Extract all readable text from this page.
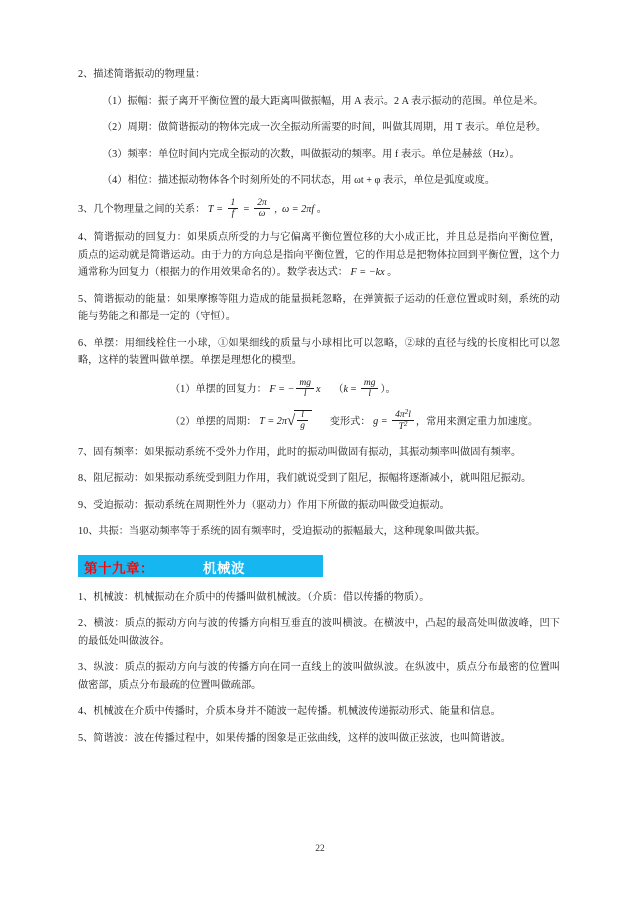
2、描述简谐振动的物理量：

（1）振幅：振子离开平衡位置的最大距离叫做振幅，用 A 表示。2 A 表示振动的范围。单位是米。

（2）周期：做简谐振动的物体完成一次全振动所需要的时间，叫做其周期，用 T 表示。单位是秒。

（3）频率：单位时间内完成全振动的次数，叫做振动的频率。用 f 表示。单位是赫兹（Hz）。

（4）相位：描述振动物体各个时刻所处的不同状态，用 ωt + φ 表示，单位是弧度或度。

3、几个物理量之间的关系： $T = \frac{1}{f} = \frac{2\pi}{\omega}$ ,  ω = 2πf 。

4、简谐振动的回复力：如果质点所受的力与它偏离平衡位置位移的大小成正比，并且总是指向平衡位置，质点的运动就是简谐运动。由于力的方向总是指向平衡位置，它的作用总是把物体拉回到平衡位置，这个力通常称为回复力（根据力的作用效果命名的）。数学表达式： F = −kx 。

5、简谐振动的能量：如果摩擦等阻力造成的能量损耗忽略，在弹簧振子运动的任意位置或时刻，系统的动能与势能之和都是一定的（守恒）。

6、单摆：用细线栓住一小球，①如果细线的质量与小球相比可以忽略，②球的直径与线的长度相比可以忽略，这样的装置叫做单摆。单摆是理想化的模型。

（1）单摆的回复力： F = − $\frac{mg}{l}$ x     （$k = \frac{mg}{l}$ ）。

（2）单摆的周期： $T = 2\pi√ \frac{l}{g}$ 变形式： $g = \frac{4\pi^2l}{T^2}$ ，常用来测定重力加速度。

7、固有频率：如果振动系统不受外力作用，此时的振动叫做固有振动，其振动频率叫做固有频率。

8、阻尼振动：如果振动系统受到阻力作用，我们就说受到了阻尼，振幅将逐渐减小，就叫阻尼振动。

9、受迫振动：振动系统在周期性外力（驱动力）作用下所做的振动叫做受迫振动。

10、共振：当驱动频率等于系统的固有频率时，受迫振动的振幅最大，这种现象叫做共振。

第十九章：	机械波

1、机械波：机械振动在介质中的传播叫做机械波。（介质：借以传播的物质）。

2、横波：质点的振动方向与波的传播方向相互垂直的波叫横波。在横波中，凸起的最高处叫做波峰，凹下的最低处叫做波谷。

3、纵波：质点的振动方向与波的传播方向在同一直线上的波叫做纵波。在纵波中，质点分布最密的位置叫做密部，质点分布最疏的位置叫做疏部。

4、机械波在介质中传播时，介质本身并不随波一起传播。机械波传递振动形式、能量和信息。

5、简谐波：波在传播过程中，如果传播的图象是正弦曲线，这样的波叫做正弦波，也叫简谐波。

22
